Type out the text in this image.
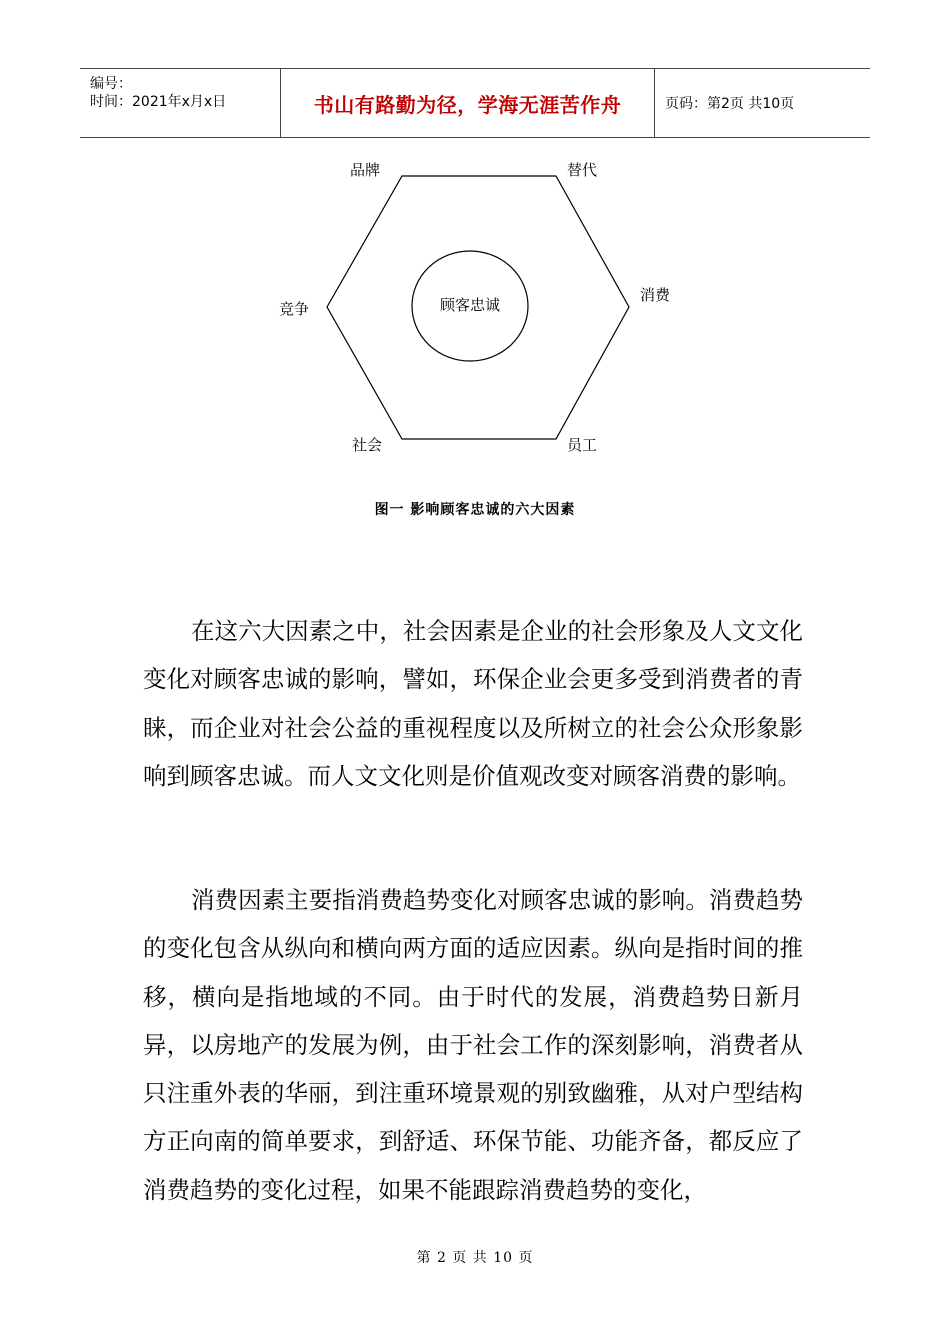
编号：
时间：2021年x月x日	书山有路勤为径，学海无涯苦作舟	页码：第2页 共10页
顾客忠诚
品牌	替代
消费
员工
社会
竞争
图一 影响顾客忠诚的六大因素
在这六大因素之中，社会因素是企业的社会形象及人文文化变化对顾客忠诚的影响，譬如，环保企业会更多受到消费者的青睐，而企业对社会公益的重视程度以及所树立的社会公众形象影响到顾客忠诚。而人文文化则是价值观改变对顾客消费的影响。
消费因素主要指消费趋势变化对顾客忠诚的影响。消费趋势的变化包含从纵向和横向两方面的适应因素。纵向是指时间的推移，横向是指地域的不同。由于时代的发展，消费趋势日新月异，以房地产的发展为例，由于社会工作的深刻影响，消费者从只注重外表的华丽，到注重环境景观的别致幽雅，从对户型结构方正向南的简单要求，到舒适、环保节能、功能齐备，都反应了消费趋势的变化过程，如果不能跟踪消费趋势的变化，
第 2 页 共 10 页
